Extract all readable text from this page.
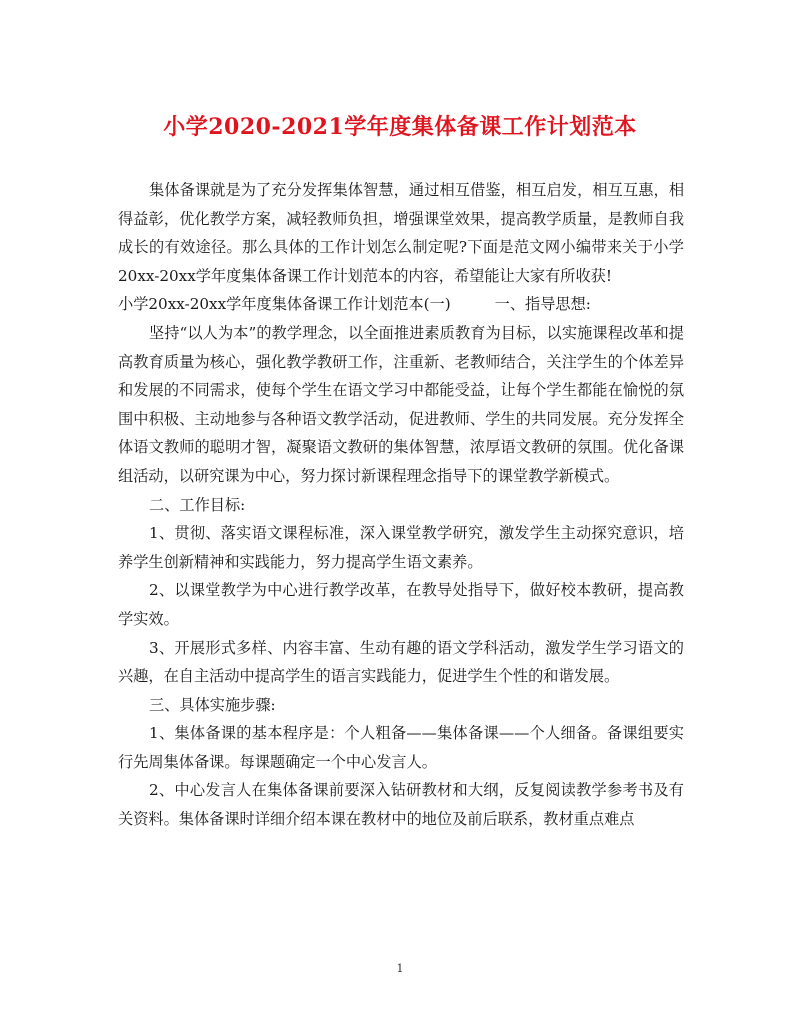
小学2020-2021学年度集体备课工作计划范本

集体备课就是为了充分发挥集体智慧，通过相互借鉴，相互启发，相互互惠，相得益彰，优化教学方案，减轻教师负担，增强课堂效果，提高教学质量，是教师自我成长的有效途径。那么具体的工作计划怎么制定呢?下面是范文网小编带来关于小学20xx-20xx学年度集体备课工作计划范本的内容，希望能让大家有所收获!

小学20xx-20xx学年度集体备课工作计划范本(一)	一、指导思想:

坚持“以人为本”的教学理念，以全面推进素质教育为目标，以实施课程改革和提高教育质量为核心，强化教学教研工作，注重新、老教师结合，关注学生的个体差异和发展的不同需求，使每个学生在语文学习中都能受益，让每个学生都能在愉悦的氛围中积极、主动地参与各种语文教学活动，促进教师、学生的共同发展。充分发挥全体语文教师的聪明才智，凝聚语文教研的集体智慧，浓厚语文教研的氛围。优化备课组活动，以研究课为中心，努力探讨新课程理念指导下的课堂教学新模式。

二、工作目标:

1、贯彻、落实语文课程标准，深入课堂教学研究，激发学生主动探究意识，培养学生创新精神和实践能力，努力提高学生语文素养。

2、以课堂教学为中心进行教学改革，在教导处指导下，做好校本教研，提高教学实效。

3、开展形式多样、内容丰富、生动有趣的语文学科活动，激发学生学习语文的兴趣，在自主活动中提高学生的语言实践能力，促进学生个性的和谐发展。

三、具体实施步骤:

1、集体备课的基本程序是：个人粗备——集体备课——个人细备。备课组要实行先周集体备课。每课题确定一个中心发言人。

2、中心发言人在集体备课前要深入钻研教材和大纲，反复阅读教学参考书及有关资料。集体备课时详细介绍本课在教材中的地位及前后联系，教材重点难点

1
